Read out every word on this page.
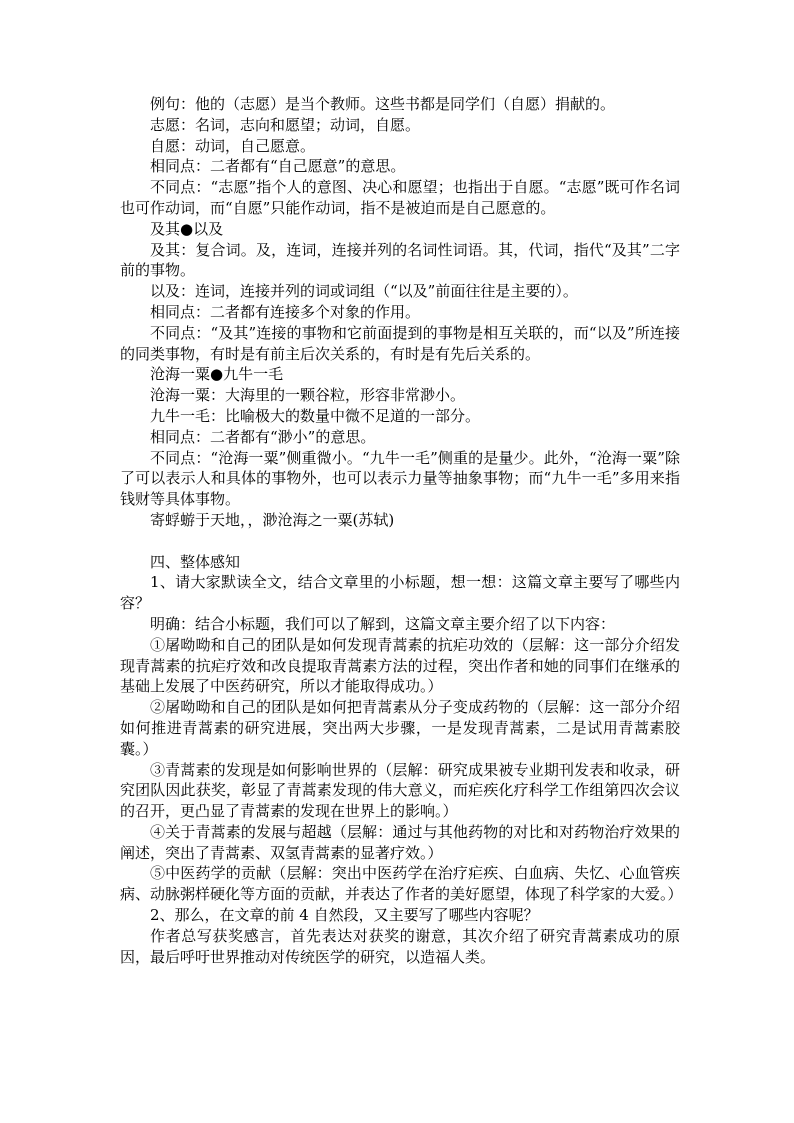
例句：他的（志愿）是当个教师。这些书都是同学们（自愿）捐献的。

志愿：名词，志向和愿望；动词，自愿。

自愿：动词，自己愿意。

相同点：二者都有“自己愿意”的意思。

不同点：“志愿”指个人的意图、决心和愿望；也指出于自愿。“志愿”既可作名词也可作动词，而“自愿”只能作动词，指不是被迫而是自己愿意的。

及其●以及

及其：复合词。及，连词，连接并列的名词性词语。其，代词，指代“及其”二字前的事物。

以及：连词，连接并列的词或词组（“以及”前面往往是主要的）。

相同点：二者都有连接多个对象的作用。

不同点：“及其”连接的事物和它前面提到的事物是相互关联的，而“以及”所连接的同类事物，有时是有前主后次关系的，有时是有先后关系的。

沧海一粟●九牛一毛

沧海一粟：大海里的一颗谷粒，形容非常渺小。

九牛一毛：比喻极大的数量中微不足道的一部分。

相同点：二者都有“渺小”的意思。

不同点：“沧海一粟”侧重微小。“九牛一毛”侧重的是量少。此外，“沧海一粟”除了可以表示人和具体的事物外，也可以表示力量等抽象事物；而“九牛一毛”多用来指钱财等具体事物。

寄蜉蝣于天地，，渺沧海之一粟(苏轼)

四、整体感知

1、请大家默读全文，结合文章里的小标题，想一想：这篇文章主要写了哪些内容？

明确：结合小标题，我们可以了解到，这篇文章主要介绍了以下内容：

①屠呦呦和自己的团队是如何发现青蒿素的抗疟功效的（层解：这一部分介绍发现青蒿素的抗疟疗效和改良提取青蒿素方法的过程，突出作者和她的同事们在继承的基础上发展了中医药研究，所以才能取得成功。）

②屠呦呦和自己的团队是如何把青蒿素从分子变成药物的（层解：这一部分介绍如何推进青蒿素的研究进展，突出两大步骤，一是发现青蒿素，二是试用青蒿素胶囊。）

③青蒿素的发现是如何影响世界的（层解：研究成果被专业期刊发表和收录，研究团队因此获奖，彰显了青蒿素发现的伟大意义，而疟疾化疗科学工作组第四次会议的召开，更凸显了青蒿素的发现在世界上的影响。）

④关于青蒿素的发展与超越（层解：通过与其他药物的对比和对药物治疗效果的阐述，突出了青蒿素、双氢青蒿素的显著疗效。）

⑤中医药学的贡献（层解：突出中医药学在治疗疟疾、白血病、失忆、心血管疾病、动脉粥样硬化等方面的贡献，并表达了作者的美好愿望，体现了科学家的大爱。）

2、那么，在文章的前 4 自然段，又主要写了哪些内容呢？

作者总写获奖感言，首先表达对获奖的谢意，其次介绍了研究青蒿素成功的原因，最后呼吁世界推动对传统医学的研究，以造福人类。
